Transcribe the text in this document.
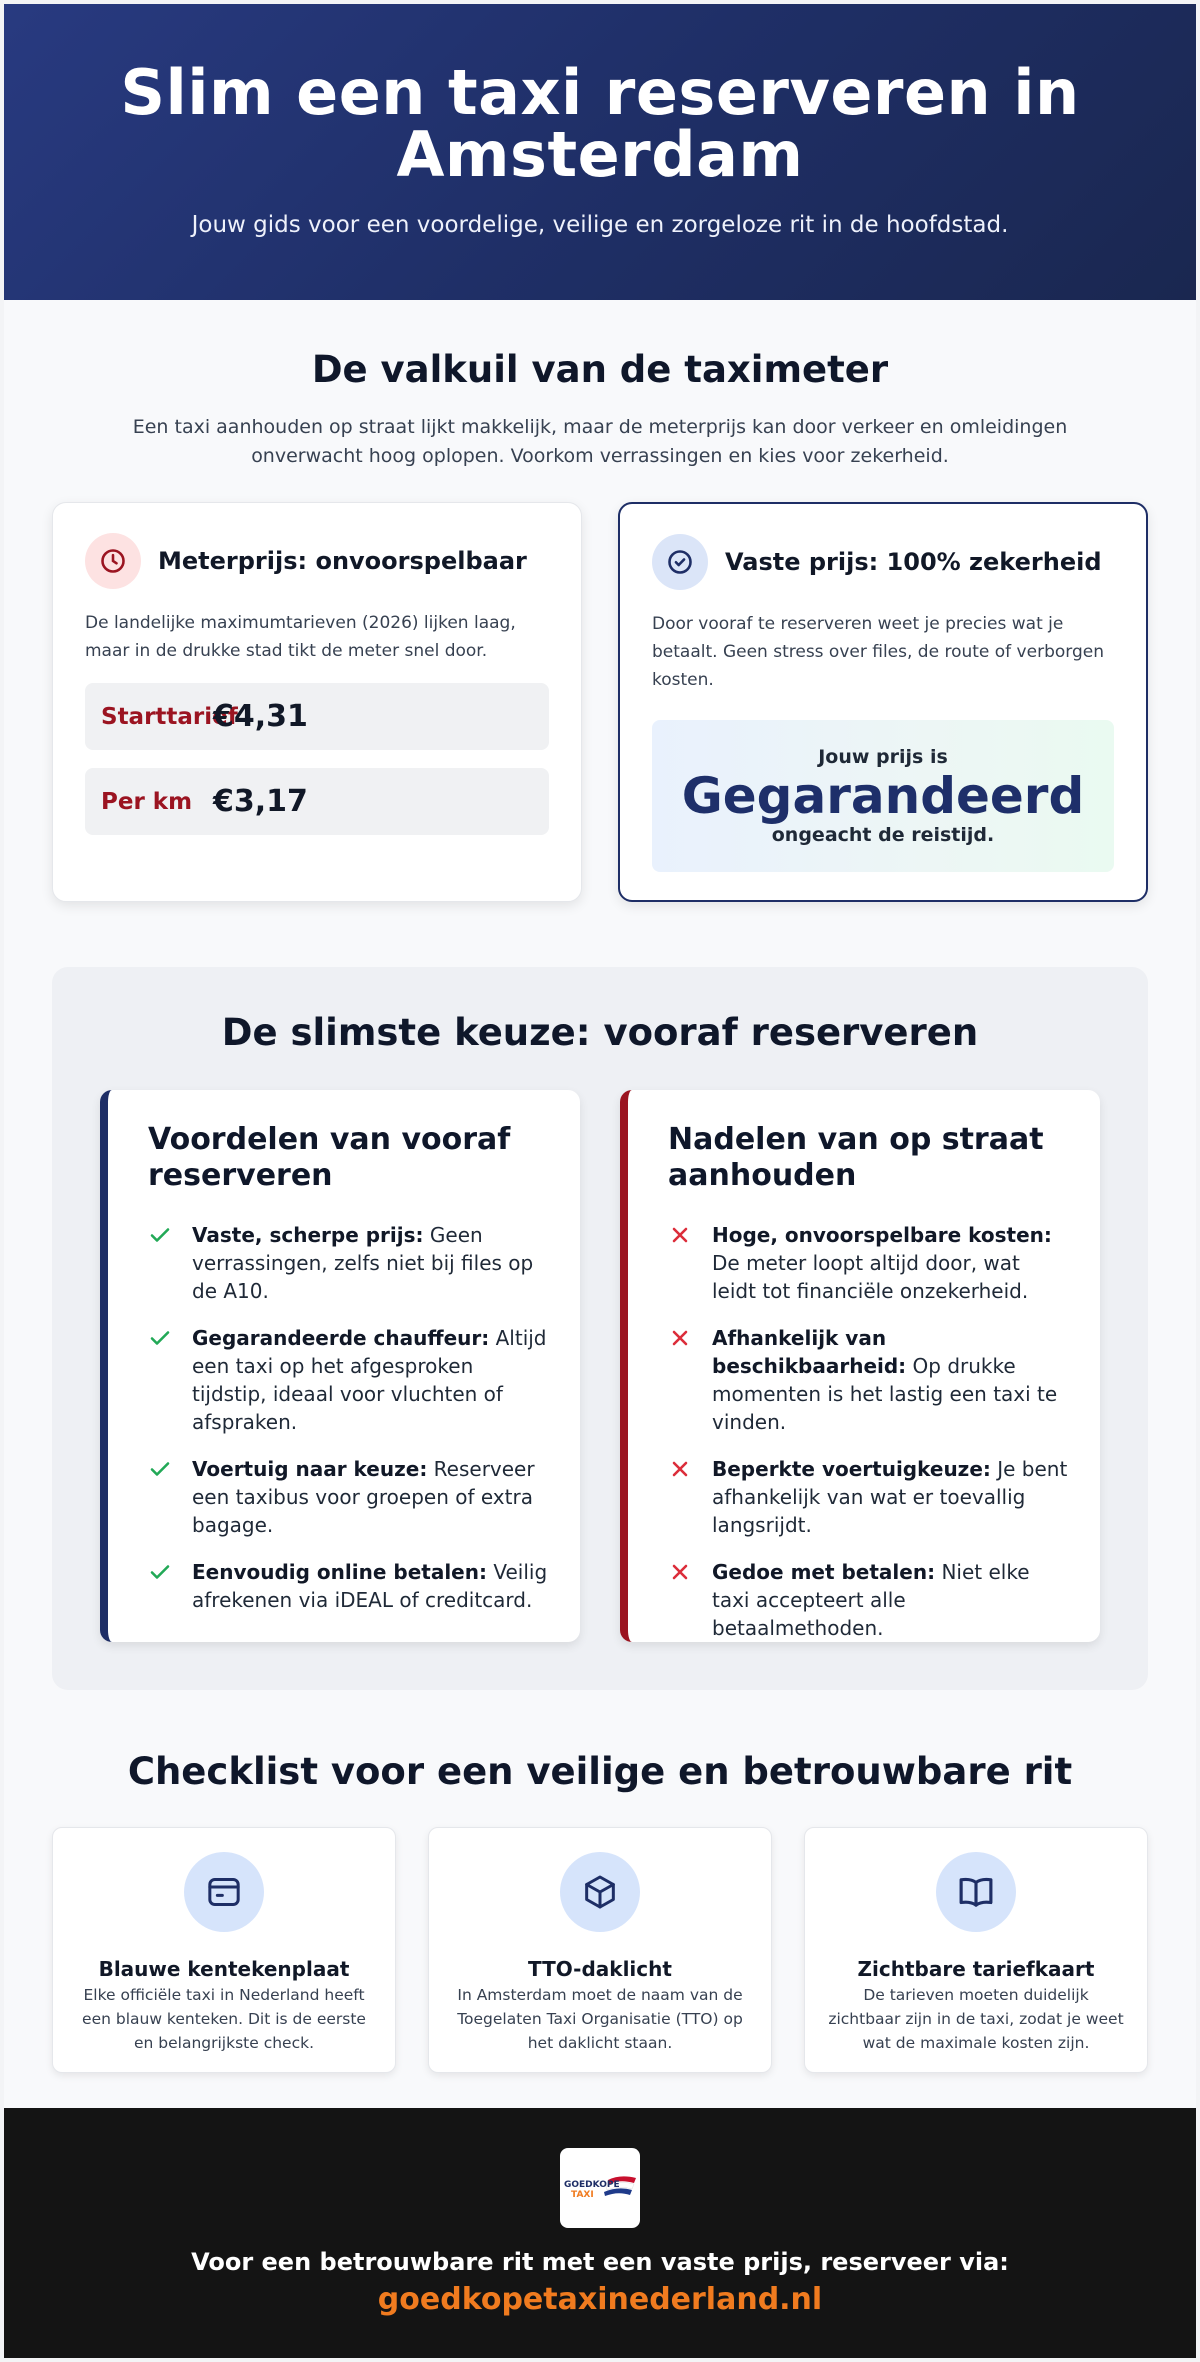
Slim een taxi reserveren in Amsterdam

Jouw gids voor een voordelige, veilige en zorgeloze rit in de hoofdstad.

De valkuil van de taximeter

Een taxi aanhouden op straat lijkt makkelijk, maar de meterprijs kan door verkeer en omleidingen onverwacht hoog oplopen. Voorkom verrassingen en kies voor zekerheid.

Meterprijs: onvoorspelbaar

De landelijke maximumtarieven (2026) lijken laag, maar in de drukke stad tikt de meter snel door.

Starttarief
€4,31
Per km €3,17
Vaste prijs: 100% zekerheid

Door vooraf te reserveren weet je precies wat je betaalt. Geen stress over files, de route of verborgen kosten.

Jouw prijs is
Gegarandeerd
ongeacht de reistijd.
De slimste keuze: vooraf reserveren
Voordelen van vooraf reserveren
Vaste, scherpe prijs: Geen verrassingen, zelfs niet bij files op de A10.
Gegarandeerde chauffeur: Altijd een taxi op het afgesproken tijdstip, ideaal voor vluchten of afspraken.
Voertuig naar keuze: Reserveer een taxibus voor groepen of extra bagage.
Eenvoudig online betalen: Veilig afrekenen via iDEAL of creditcard.
Nadelen van op straat aanhouden
Hoge, onvoorspelbare kosten: De meter loopt altijd door, wat leidt tot financiële onzekerheid.
Afhankelijk van beschikbaarheid: Op drukke momenten is het lastig een taxi te vinden.
Beperkte voertuigkeuze: Je bent afhankelijk van wat er toevallig langsrijdt.
Gedoe met betalen: Niet elke taxi accepteert alle betaalmethoden.
Checklist voor een veilige en betrouwbare rit
Blauwe kentekenplaat

Elke officiële taxi in Nederland heeft een blauw kenteken. Dit is de eerste en belangrijkste check.

TTO-daklicht

In Amsterdam moet de naam van de Toegelaten Taxi Organisatie (TTO) op het daklicht staan.

Zichtbare tariefkaart

De tarieven moeten duidelijk zichtbaar zijn in de taxi, zodat je weet wat de maximale kosten zijn.

GOEDKOPE
TAXI
Voor een betrouwbare rit met een vaste prijs, reserveer via:
goedkopetaxinederland.nl
